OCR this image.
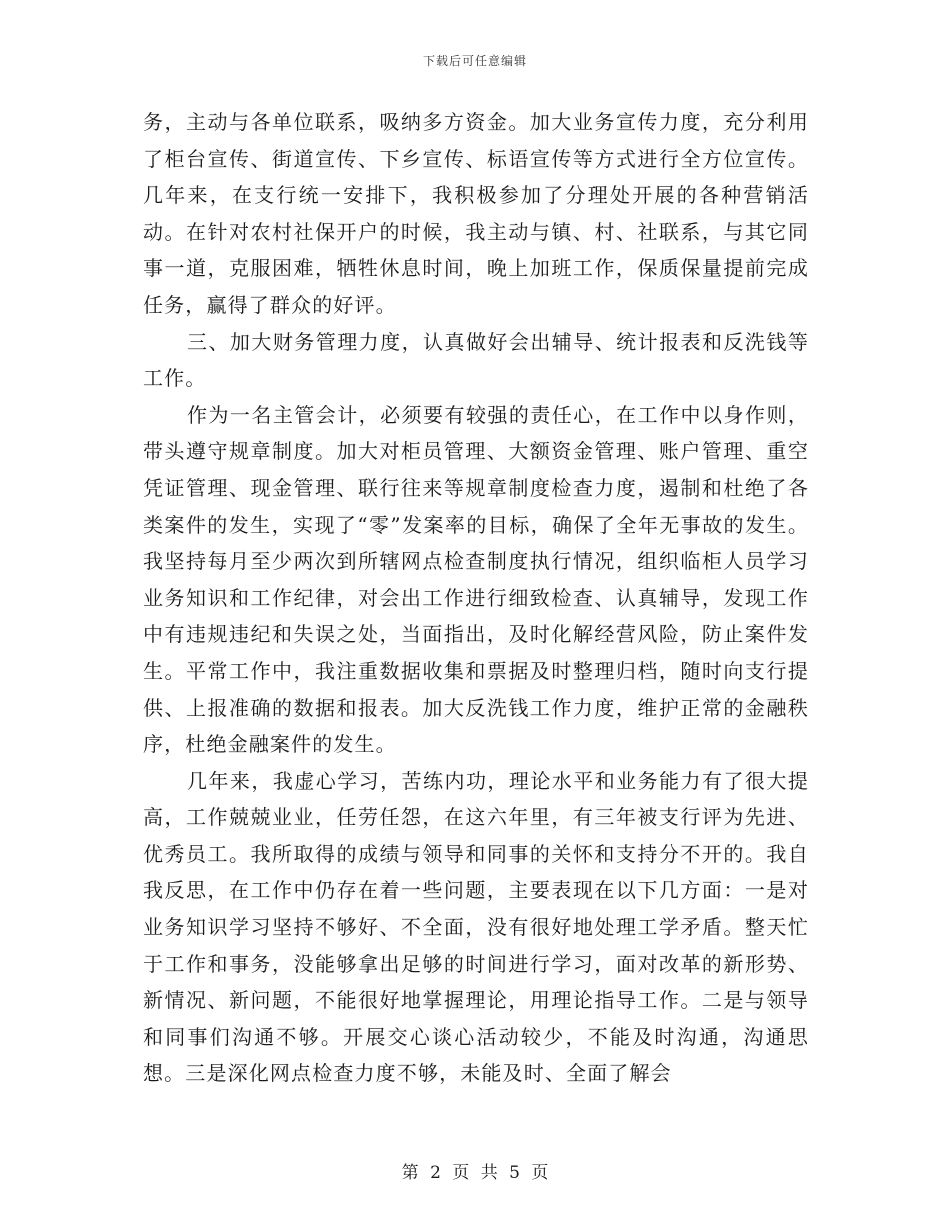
下载后可任意编辑

务，主动与各单位联系，吸纳多方资金。加大业务宣传力度，充分利用了柜台宣传、街道宣传、下乡宣传、标语宣传等方式进行全方位宣传。几年来，在支行统一安排下，我积极参加了分理处开展的各种营销活动。在针对农村社保开户的时候，我主动与镇、村、社联系，与其它同事一道，克服困难，牺牲休息时间，晚上加班工作，保质保量提前完成任务，赢得了群众的好评。

三、加大财务管理力度，认真做好会出辅导、统计报表和反洗钱等工作。

作为一名主管会计，必须要有较强的责任心，在工作中以身作则，带头遵守规章制度。加大对柜员管理、大额资金管理、账户管理、重空凭证管理、现金管理、联行往来等规章制度检查力度，遏制和杜绝了各类案件的发生，实现了“零”发案率的目标，确保了全年无事故的发生。我坚持每月至少两次到所辖网点检查制度执行情况，组织临柜人员学习业务知识和工作纪律，对会出工作进行细致检查、认真辅导，发现工作中有违规违纪和失误之处，当面指出，及时化解经营风险，防止案件发生。平常工作中，我注重数据收集和票据及时整理归档，随时向支行提供、上报准确的数据和报表。加大反洗钱工作力度，维护正常的金融秩序，杜绝金融案件的发生。

几年来，我虚心学习，苦练内功，理论水平和业务能力有了很大提高，工作兢兢业业，任劳任怨，在这六年里，有三年被支行评为先进、优秀员工。我所取得的成绩与领导和同事的关怀和支持分不开的。我自我反思，在工作中仍存在着一些问题，主要表现在以下几方面：一是对业务知识学习坚持不够好、不全面，没有很好地处理工学矛盾。整天忙于工作和事务，没能够拿出足够的时间进行学习，面对改革的新形势、新情况、新问题，不能很好地掌握理论，用理论指导工作。二是与领导和同事们沟通不够。开展交心谈心活动较少，不能及时沟通，沟通思想。三是深化网点检查力度不够，未能及时、全面了解会

第 2 页 共 5 页
